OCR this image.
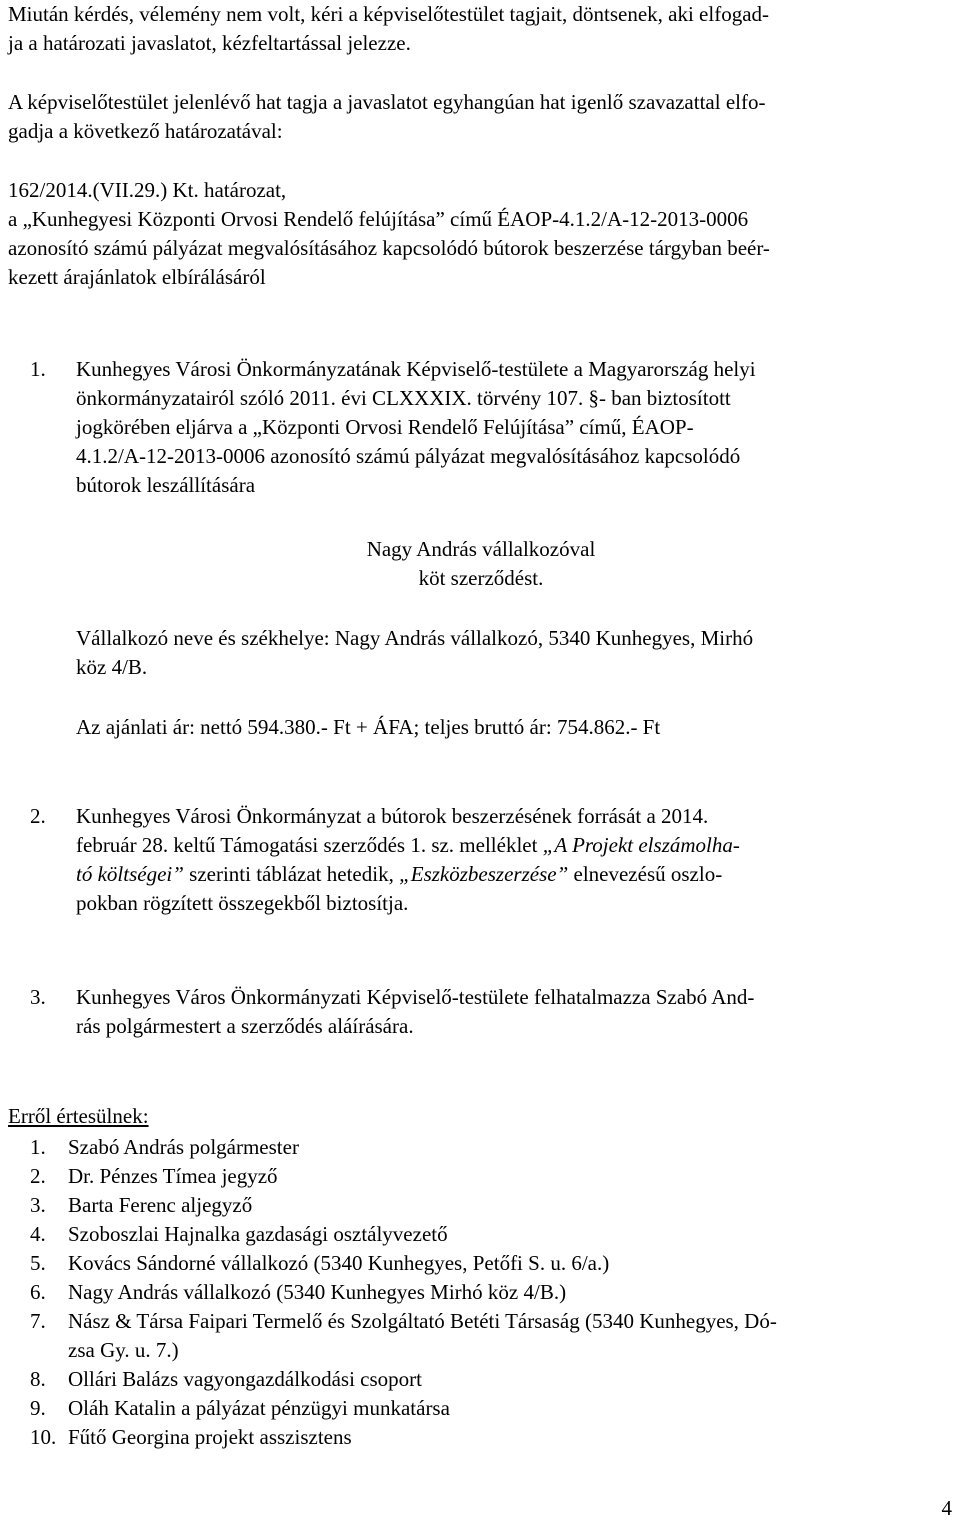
Miután kérdés, vélemény nem volt, kéri a képviselőtestület tagjait, döntsenek, aki elfogad-
ja a határozati javaslatot, kézfeltartással jelezze.

A képviselőtestület jelenlévő hat tagja a javaslatot egyhangúan hat igenlő szavazattal elfo-
gadja a következő határozatával:

162/2014.(VII.29.) Kt. határozat,
a „Kunhegyesi Központi Orvosi Rendelő felújítása” című ÉAOP-4.1.2/A-12-2013-0006
azonosító számú pályázat megvalósításához kapcsolódó bútorok beszerzése tárgyban beér-
kezett árajánlatok elbírálásáról

1. Kunhegyes Városi Önkormányzatának Képviselő-testülete a Magyarország helyi
önkormányzatairól szóló 2011. évi CLXXXIX. törvény 107. §- ban biztosított
jogkörében eljárva a „Központi Orvosi Rendelő Felújítása” című, ÉAOP-
4.1.2/A-12-2013-0006 azonosító számú pályázat megvalósításához kapcsolódó
bútorok leszállítására
Nagy András vállalkozóval
köt szerződést.
Vállalkozó neve és székhelye: Nagy András vállalkozó, 5340 Kunhegyes, Mirhó
köz 4/B.
Az ajánlati ár: nettó 594.380.- Ft + ÁFA; teljes bruttó ár: 754.862.- Ft
2. Kunhegyes Városi Önkormányzat a bútorok beszerzésének forrását a 2014.
február 28. keltű Támogatási szerződés 1. sz. melléklet „A Projekt elszámolha-
tó költségei” szerinti táblázat hetedik, „Eszközbeszerzése” elnevezésű oszlo-
pokban rögzített összegekből biztosítja.
3. Kunhegyes Város Önkormányzati Képviselő-testülete felhatalmazza Szabó And-
rás polgármestert a szerződés aláírására.
Erről értesülnek:
1. Szabó András polgármester
2. Dr. Pénzes Tímea jegyző
3. Barta Ferenc aljegyző
4. Szoboszlai Hajnalka gazdasági osztályvezető
5. Kovács Sándorné vállalkozó (5340 Kunhegyes, Petőfi S. u. 6/a.)
6. Nagy András vállalkozó (5340 Kunhegyes Mirhó köz 4/B.)
7. Nász & Társa Faipari Termelő és Szolgáltató Betéti Társaság (5340 Kunhegyes, Dó-
zsa Gy. u. 7.)
8. Ollári Balázs vagyongazdálkodási csoport
9. Oláh Katalin a pályázat pénzügyi munkatársa
10. Fűtő Georgina projekt asszisztens
4
